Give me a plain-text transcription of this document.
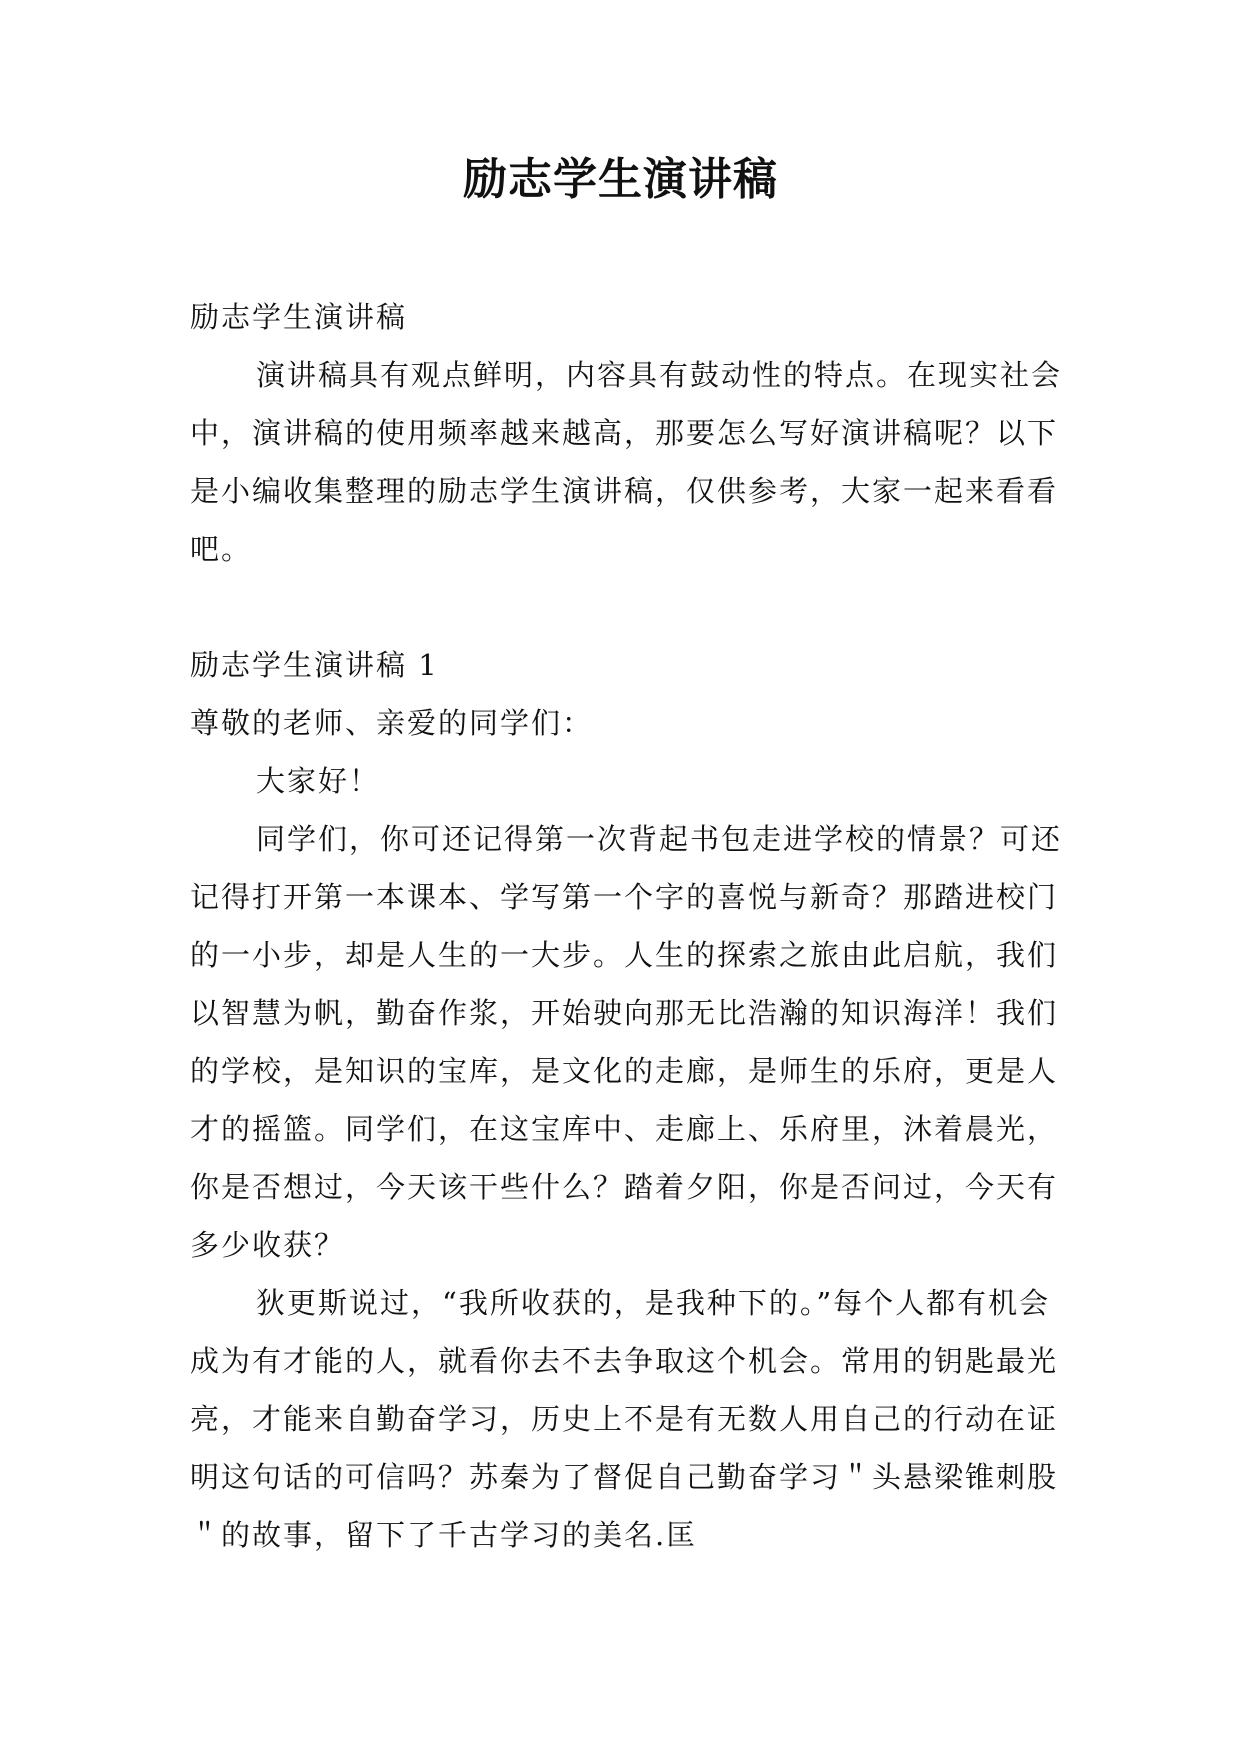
励志学生演讲稿

励志学生演讲稿

演讲稿具有观点鲜明，内容具有鼓动性的特点。在现实社会中，演讲稿的使用频率越来越高，那要怎么写好演讲稿呢？以下是小编收集整理的励志学生演讲稿，仅供参考，大家一起来看看吧。

励志学生演讲稿 1

尊敬的老师、亲爱的同学们：

大家好！

同学们，你可还记得第一次背起书包走进学校的情景？可还记得打开第一本课本、学写第一个字的喜悦与新奇？那踏进校门的一小步，却是人生的一大步。人生的探索之旅由此启航，我们以智慧为帆，勤奋作浆，开始驶向那无比浩瀚的知识海洋！我们的学校，是知识的宝库，是文化的走廊，是师生的乐府，更是人才的摇篮。同学们，在这宝库中、走廊上、乐府里，沐着晨光，你是否想过，今天该干些什么？踏着夕阳，你是否问过，今天有多少收获？

狄更斯说过，“我所收获的，是我种下的。”每个人都有机会成为有才能的人，就看你去不去争取这个机会。常用的钥匙最光亮，才能来自勤奋学习，历史上不是有无数人用自己的行动在证明这句话的可信吗？苏秦为了督促自己勤奋学习＂头悬梁锥刺股＂的故事，留下了千古学习的美名.匡
